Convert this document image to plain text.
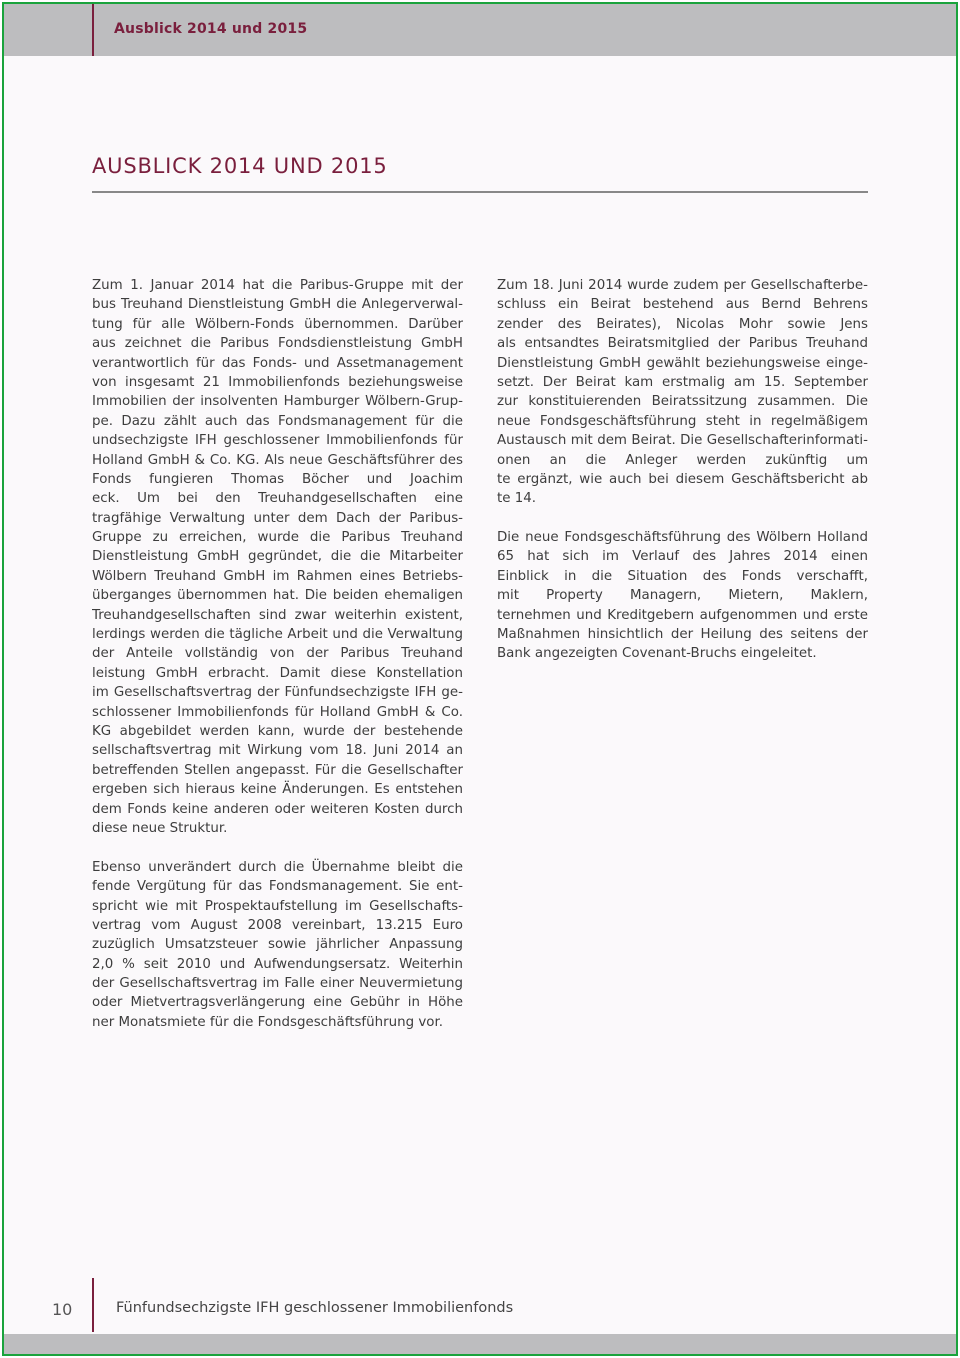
Ausblick 2014 und 2015
AUSBLICK 2014 UND 2015
Zum 1. Januar 2014 hat die Paribus-Gruppe mit der
bus Treuhand Dienstleistung GmbH die Anlegerverwal-
tung für alle Wölbern-Fonds übernommen. Darüber
aus zeichnet die Paribus Fondsdienstleistung GmbH
verantwortlich für das Fonds- und Assetmanagement
von insgesamt 21 Immobilienfonds beziehungsweise
Immobilien der insolventen Hamburger Wölbern-Grup-
pe. Dazu zählt auch das Fondsmanagement für die
undsechzigste IFH geschlossener Immobilienfonds für
Holland GmbH & Co. KG. Als neue Geschäftsführer des
Fonds fungieren Thomas Böcher und Joachim
eck. Um bei den Treuhandgesellschaften eine
tragfähige Verwaltung unter dem Dach der Paribus-
Gruppe zu erreichen, wurde die Paribus Treuhand
Dienstleistung GmbH gegründet, die die Mitarbeiter
Wölbern Treuhand GmbH im Rahmen eines Betriebs-
überganges übernommen hat. Die beiden ehemaligen
Treuhandgesellschaften sind zwar weiterhin existent,
lerdings werden die tägliche Arbeit und die Verwaltung
der Anteile vollständig von der Paribus Treuhand
leistung GmbH erbracht. Damit diese Konstellation
im Gesellschaftsvertrag der Fünfundsechzigste IFH ge-
schlossener Immobilienfonds für Holland GmbH & Co.
KG abgebildet werden kann, wurde der bestehende
sellschaftsvertrag mit Wirkung vom 18. Juni 2014 an
betreffenden Stellen angepasst. Für die Gesellschafter
ergeben sich hieraus keine Änderungen. Es entstehen
dem Fonds keine anderen oder weiteren Kosten durch
diese neue Struktur.
Ebenso unverändert durch die Übernahme bleibt die
fende Vergütung für das Fondsmanagement. Sie ent-
spricht wie mit Prospektaufstellung im Gesellschafts-
vertrag vom August 2008 vereinbart, 13.215 Euro
zuzüglich Umsatzsteuer sowie jährlicher Anpassung
2,0 % seit 2010 und Aufwendungsersatz. Weiterhin
der Gesellschaftsvertrag im Falle einer Neuvermietung
oder Mietvertragsverlängerung eine Gebühr in Höhe
ner Monatsmiete für die Fondsgeschäftsführung vor.
Zum 18. Juni 2014 wurde zudem per Gesellschafterbe-
schluss ein Beirat bestehend aus Bernd Behrens
zender des Beirates), Nicolas Mohr sowie Jens
als entsandtes Beiratsmitglied der Paribus Treuhand
Dienstleistung GmbH gewählt beziehungsweise einge-
setzt. Der Beirat kam erstmalig am 15. September
zur konstituierenden Beiratssitzung zusammen. Die
neue Fondsgeschäftsführung steht in regelmäßigem
Austausch mit dem Beirat. Die Gesellschafterinformati-
onen an die Anleger werden zukünftig um
te ergänzt, wie auch bei diesem Geschäftsbericht ab
te 14.
Die neue Fondsgeschäftsführung des Wölbern Holland
65 hat sich im Verlauf des Jahres 2014 einen
Einblick in die Situation des Fonds verschafft,
mit Property Managern, Mietern, Maklern,
ternehmen und Kreditgebern aufgenommen und erste
Maßnahmen hinsichtlich der Heilung des seitens der
Bank angezeigten Covenant-Bruchs eingeleitet.
10	Fünfundsechzigste IFH geschlossener Immobilienfonds
